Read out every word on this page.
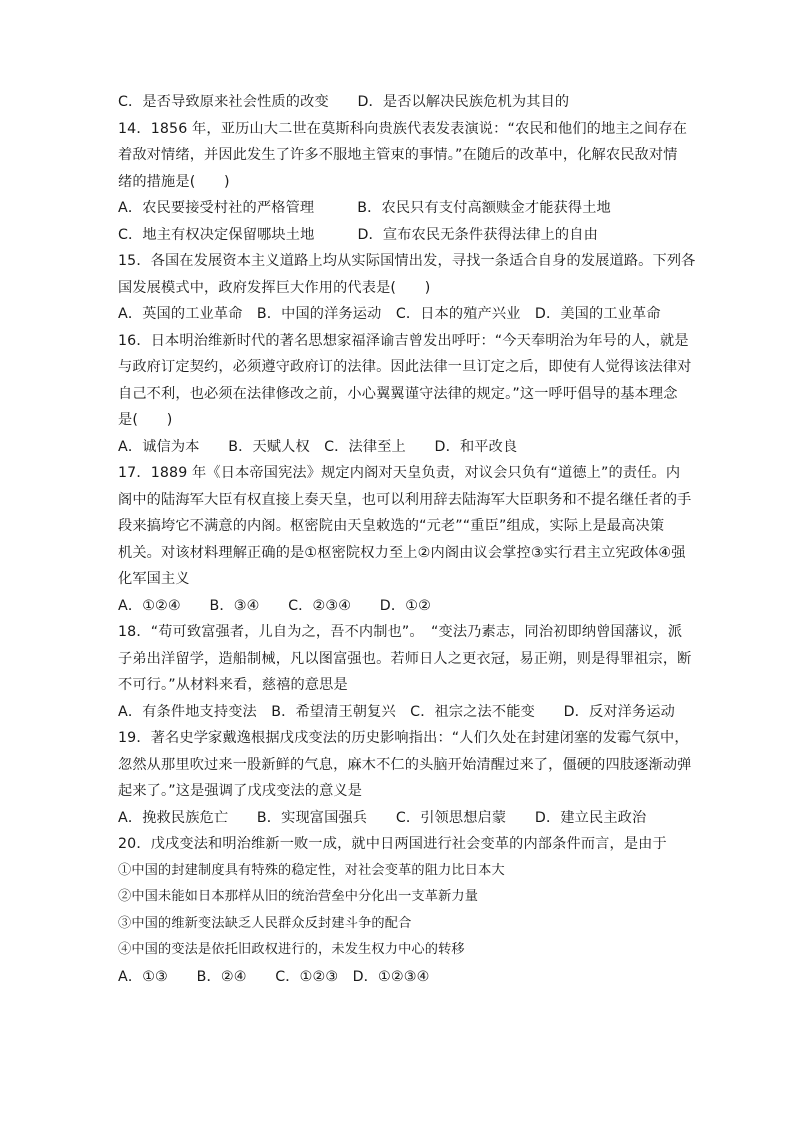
C．是否导致原来社会性质的改变　　D．是否以解决民族危机为其目的

14．1856 年，亚历山大二世在莫斯科向贵族代表发表演说：“农民和他们的地主之间存在

着敌对情绪，并因此发生了许多不服地主管束的事情。”在随后的改革中，化解农民敌对情

绪的措施是(　　)

A．农民要接受村社的严格管理　　　B．农民只有支付高额赎金才能获得土地

C．地主有权决定保留哪块土地　　　D．宣布农民无条件获得法律上的自由

15．各国在发展资本主义道路上均从实际国情出发，寻找一条适合自身的发展道路。下列各

国发展模式中，政府发挥巨大作用的代表是(　　)

A．英国的工业革命　B．中国的洋务运动　C．日本的殖产兴业　D．美国的工业革命

16．日本明治维新时代的著名思想家福泽谕吉曾发出呼吁：“今天奉明治为年号的人，就是

与政府订定契约，必须遵守政府订的法律。因此法律一旦订定之后，即使有人觉得该法律对

自己不利，也必须在法律修改之前，小心翼翼谨守法律的规定。”这一呼吁倡导的基本理念

是(　　)

A．诚信为本　　B．天赋人权　C．法律至上　　D．和平改良

17．1889 年《日本帝国宪法》规定内阁对天皇负责，对议会只负有“道德上”的责任。内

阁中的陆海军大臣有权直接上奏天皇，也可以利用辞去陆海军大臣职务和不提名继任者的手

段来搞垮它不满意的内阁。枢密院由天皇敕选的“元老”“重臣”组成，实际上是最高决策

机关。对该材料理解正确的是①枢密院权力至上②内阁由议会掌控③实行君主立宪政体④强

化军国主义

A．①②④　　B．③④　　C．②③④　　D．①②

18．“苟可致富强者，儿自为之，吾不内制也”。　“变法乃素志，同治初即纳曾国藩议，派

子弟出洋留学，造船制械，凡以图富强也。若师日人之更衣冠，易正朔，则是得罪祖宗，断

不可行。”从材料来看，慈禧的意思是

A．有条件地支持变法　B．希望清王朝复兴　C．祖宗之法不能变　　D．反对洋务运动

19．著名史学家戴逸根据戊戌变法的历史影响指出：“人们久处在封建闭塞的发霉气氛中，

忽然从那里吹过来一股新鲜的气息，麻木不仁的头脑开始清醒过来了，僵硬的四肢逐渐动弹

起来了。”这是强调了戊戌变法的意义是

A．挽救民族危亡　　B．实现富国强兵　　C．引领思想启蒙　　D．建立民主政治

20．戊戌变法和明治维新一败一成，就中日两国进行社会变革的内部条件而言，是由于

①中国的封建制度具有特殊的稳定性，对社会变革的阻力比日本大

②中国未能如日本那样从旧的统治营垒中分化出一支革新力量

③中国的维新变法缺乏人民群众反封建斗争的配合

④中国的变法是依托旧政权进行的，未发生权力中心的转移

A．①③　　B．②④　　C．①②③　D．①②③④
